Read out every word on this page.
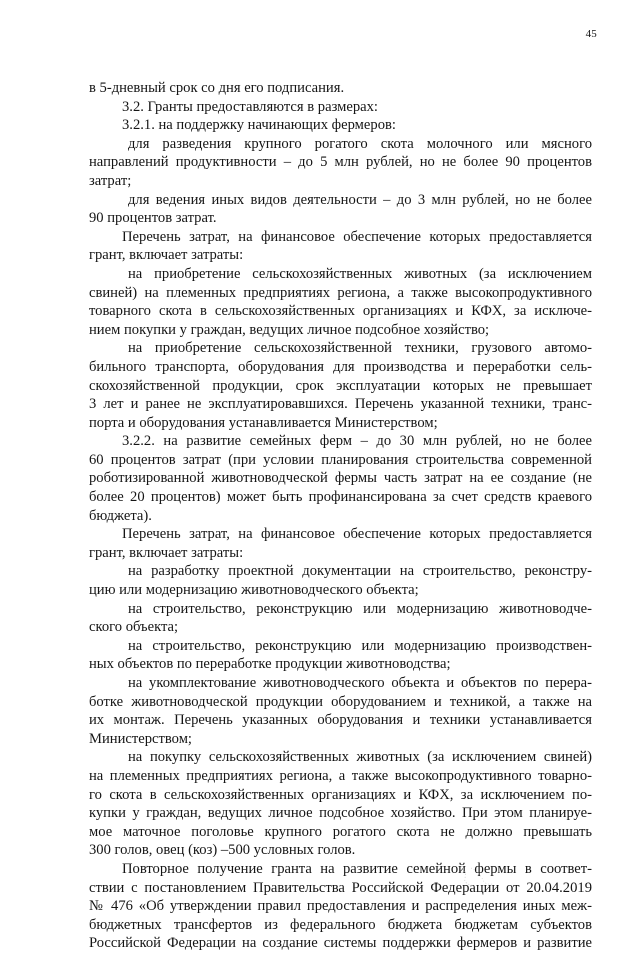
45
в 5-дневный срок со дня его подписания.
3.2. Гранты предоставляются в размерах:
3.2.1. на поддержку начинающих фермеров:
для разведения крупного рогатого скота молочного или мясного
направлений продуктивности – до 5 млн рублей, но не более 90 процентов
затрат;
для ведения иных видов деятельности – до 3 млн рублей, но не более
90 процентов затрат.
Перечень затрат, на финансовое обеспечение которых предоставляется
грант, включает затраты:
на приобретение сельскохозяйственных животных (за исключением
свиней) на племенных предприятиях региона, а также высокопродуктивного
товарного скота в сельскохозяйственных организациях и КФХ, за исключе-
нием покупки у граждан, ведущих личное подсобное хозяйство;
на приобретение сельскохозяйственной техники, грузового автомо-
бильного транспорта, оборудования для производства и переработки сель-
скохозяйственной продукции, срок эксплуатации которых не превышает
3 лет и ранее не эксплуатировавшихся. Перечень указанной техники, транс-
порта и оборудования устанавливается Министерством;
3.2.2. на развитие семейных ферм – до 30 млн рублей, но не более
60 процентов затрат (при условии планирования строительства современной
роботизированной животноводческой фермы часть затрат на ее создание (не
более 20 процентов) может быть профинансирована за счет средств краевого
бюджета).
Перечень затрат, на финансовое обеспечение которых предоставляется
грант, включает затраты:
на разработку проектной документации на строительство, реконстру-
цию или модернизацию животноводческого объекта;
на строительство, реконструкцию или модернизацию животноводче-
ского объекта;
на строительство, реконструкцию или модернизацию производствен-
ных объектов по переработке продукции животноводства;
на укомплектование животноводческого объекта и объектов по перера-
ботке животноводческой продукции оборудованием и техникой, а также на
их монтаж. Перечень указанных оборудования и техники устанавливается
Министерством;
на покупку сельскохозяйственных животных (за исключением свиней)
на племенных предприятиях региона, а также высокопродуктивного товарно-
го скота в сельскохозяйственных организациях и КФХ, за исключением по-
купки у граждан, ведущих личное подсобное хозяйство. При этом планируе-
мое маточное поголовье крупного рогатого скота не должно превышать
300 голов, овец (коз) –500 условных голов.
Повторное получение гранта на развитие семейной фермы в соответ-
ствии с постановлением Правительства Российской Федерации от 20.04.2019
№ 476 «Об утверждении правил предоставления и распределения иных меж-
бюджетных трансфертов из федерального бюджета бюджетам субъектов
Российской Федерации на создание системы поддержки фермеров и развитие
